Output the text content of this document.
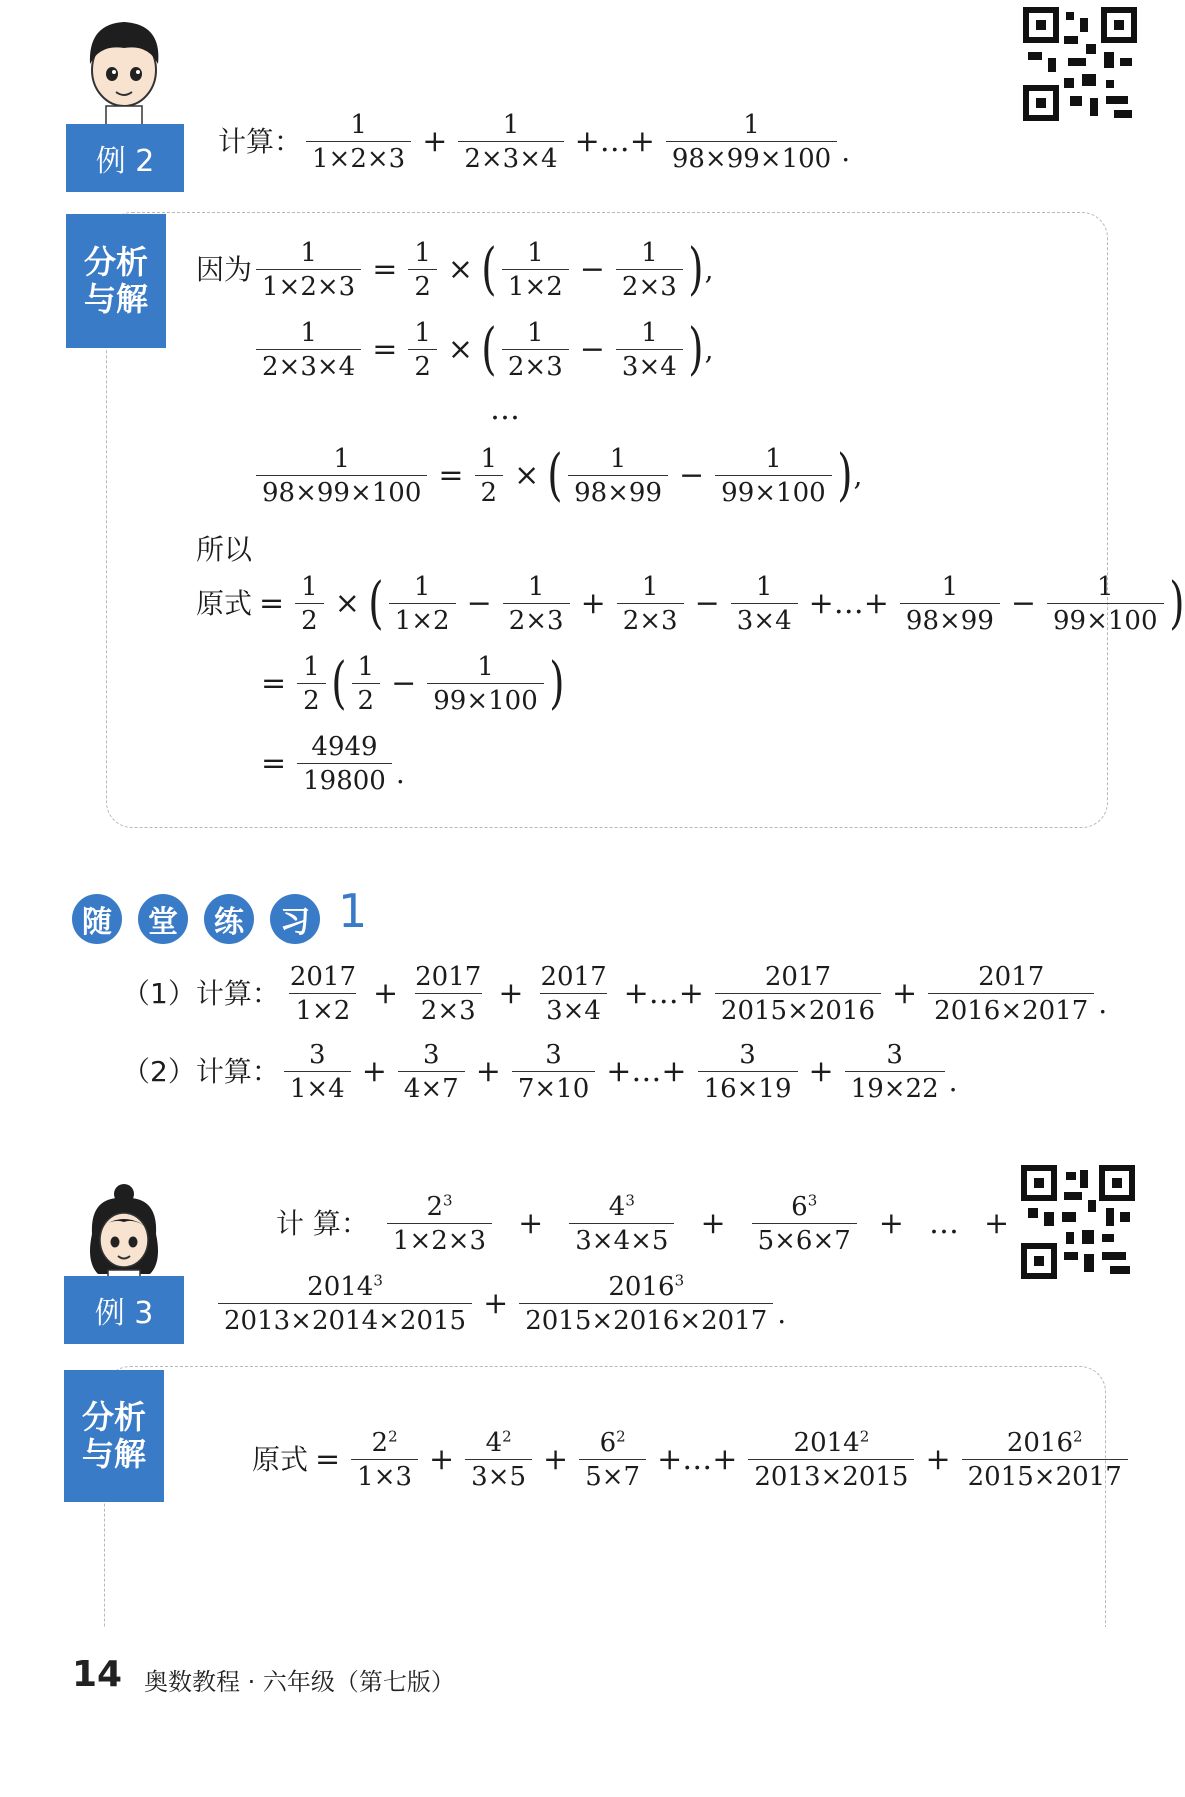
例 2
计算： $\frac{1}{1\times 2\times 3} + \frac{1}{2\times 3\times 4}$ +…+ $\frac{1}{98\times 99\times 100}$ .
分析
与解
因为 $\frac{1}{1\times 2\times 3} = \frac{1}{2}$ × ( $\frac{1}{1\times 2} - \frac{1}{2\times 3}$ ) ,
$\frac{1}{2\times 3\times 4} = \frac{1}{2}$ × ( $\frac{1}{2\times 3} - \frac{1}{3\times 4}$ ) ,
…
$\frac{1}{98\times 99\times 100} = \frac{1}{2}$ × ( $\frac{1}{98\times 99} - \frac{1}{99\times 100}$ ) ,
所以
原式 = $\frac{1}{2}$ × ( $\frac{1}{1\times 2} - \frac{1}{2\times 3} + \frac{1}{2\times 3} - \frac{1}{3\times 4}$ +…+ $\frac{1}{98\times 99} - \frac{1}{99\times 100}$ )
= $\frac{1}{2}$ ( $\frac{1}{2} - \frac{1}{99\times 100}$ )
= $\frac{4949}{19800}$ .
随	堂	练	习 1
（1）计算： $\frac{2017}{1\times 2} + \frac{2017}{2\times 3} + \frac{2017}{3\times 4}$ +…+ $\frac{2017}{2015\times 2016} + \frac{2017}{2016\times 2017}$ .
（2）计算： $\frac{3}{1\times 4} + \frac{3}{4\times 7} + \frac{3}{7\times 10}$ +…+ $\frac{3}{16\times 19} + \frac{3}{19\times 22}$ .
例 3
计 算： $\frac{2^3}{1\times 2\times 3} + \frac{4^3}{3\times 4\times 5} + \frac{6^3}{5\times 6\times 7}$ + … +
$\frac{2014^3}{2013\times 2014\times 2015} + \frac{2016^3}{2015\times 2016\times 2017}$ .
分析
与解	原式 = $\frac{2^2}{1\times 3} + \frac{4^2}{3\times 5} + \frac{6^2}{5\times 7}$ +…+ $\frac{2014^2}{2013\times 2015} + \frac{2016^2}{2015\times 2017}$
14 奥数教程 · 六年级（第七版）
